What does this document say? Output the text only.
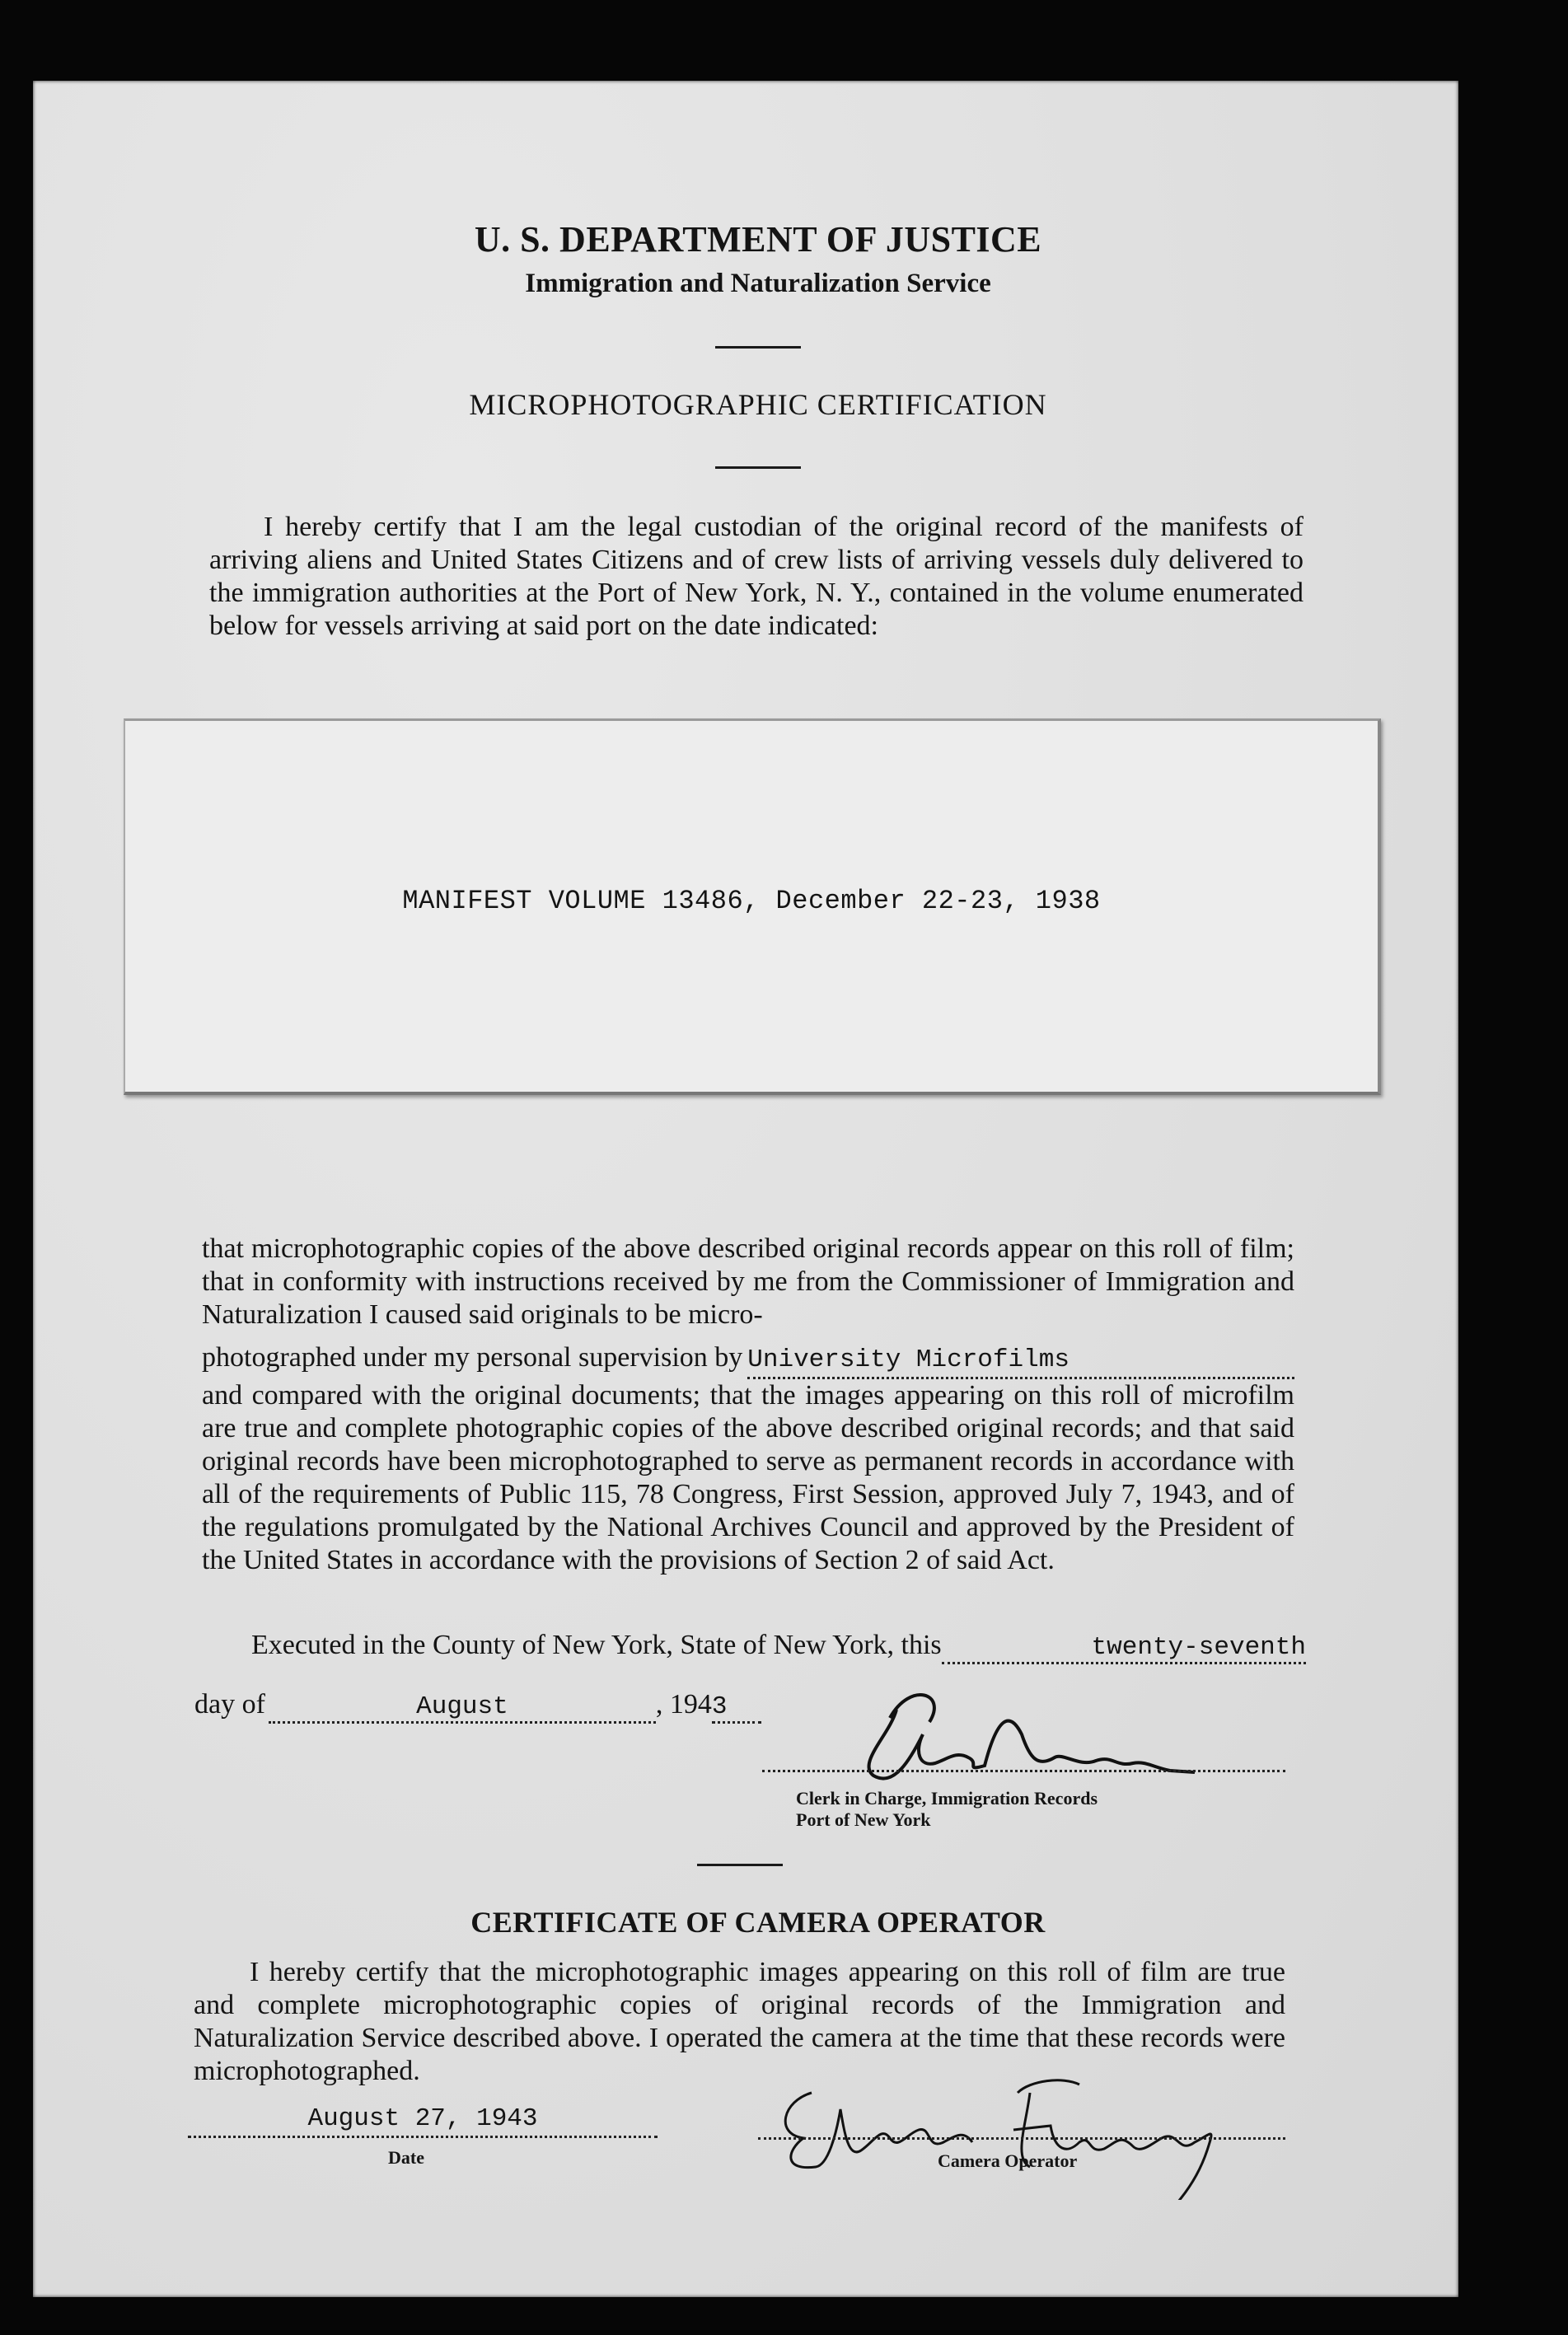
U. S. DEPARTMENT OF JUSTICE
Immigration and Naturalization Service
MICROPHOTOGRAPHIC CERTIFICATION
I hereby certify that I am the legal custodian of the original record of the manifests of arriving aliens and United States Citizens and of crew lists of arriving vessels duly delivered to the immigration authorities at the Port of New York, N. Y., contained in the volume enumerated below for vessels arriving at said port on the date indicated:
MANIFEST VOLUME 13486, December 22-23, 1938

that microphotographic copies of the above described original records appear on this roll of film; that in conformity with instructions received by me from the Commissioner of Immigration and Naturalization I caused said originals to be micro-

photographed under my personal supervision by University Microfilms

and compared with the original documents; that the images appearing on this roll of microfilm are true and complete photographic copies of the above described original records; and that said original records have been microphotographed to serve as permanent records in accordance with all of the requirements of Public 115, 78 Congress, First Session, approved July 7, 1943, and of the regulations promulgated by the National Archives Council and approved by the President of the United States in accordance with the provisions of Section 2 of said Act.

Executed in the County of New York, State of New York, this	twenty-seventh
day of	August	, 194 3
Clerk in Charge, Immigration Records
Port of New York
CERTIFICATE OF CAMERA OPERATOR
I hereby certify that the microphotographic images appearing on this roll of film are true and complete microphotographic copies of original records of the Immigration and Naturalization Service described above. I operated the camera at the time that these records were microphotographed.
August 27, 1943
Date	Camera Operator
